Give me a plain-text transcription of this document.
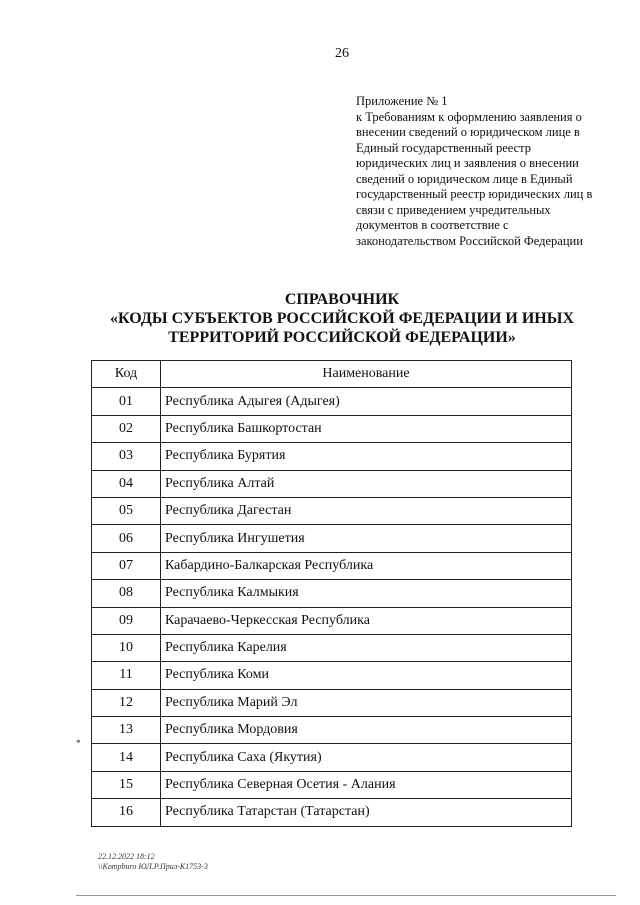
26
Приложение № 1

к Требованиям к оформлению заявления о внесении сведений о юридическом лице в Единый государственный реестр юридических лиц и заявления о внесении сведений о юридическом лице в Единый государственный реестр юридических лиц в связи с приведением учредительных документов в соответствие с законодательством Российской Федерации

СПРАВОЧНИК
«КОДЫ СУБЪЕКТОВ РОССИЙСКОЙ ФЕДЕРАЦИИ И ИНЫХ
ТЕРРИТОРИЙ РОССИЙСКОЙ ФЕДЕРАЦИИ»
Код	Наименование
01	Республика Адыгея (Адыгея)
02	Республика Башкортостан
03	Республика Бурятия
04	Республика Алтай
05	Республика Дагестан
06	Республика Ингушетия
07	Кабардино-Балкарская Республика
08	Республика Калмыкия
09	Карачаево-Черкесская Республика
10	Республика Карелия
11	Республика Коми
12	Республика Марий Эл
13	Республика Мордовия
14	Республика Саха (Якутия)
15	Республика Северная Осетия - Алания
16	Республика Татарстан (Татарстан)
*
22.12.2022 18:12
\\Kompburo ЮЛ.Р.Прил-К1753-3
